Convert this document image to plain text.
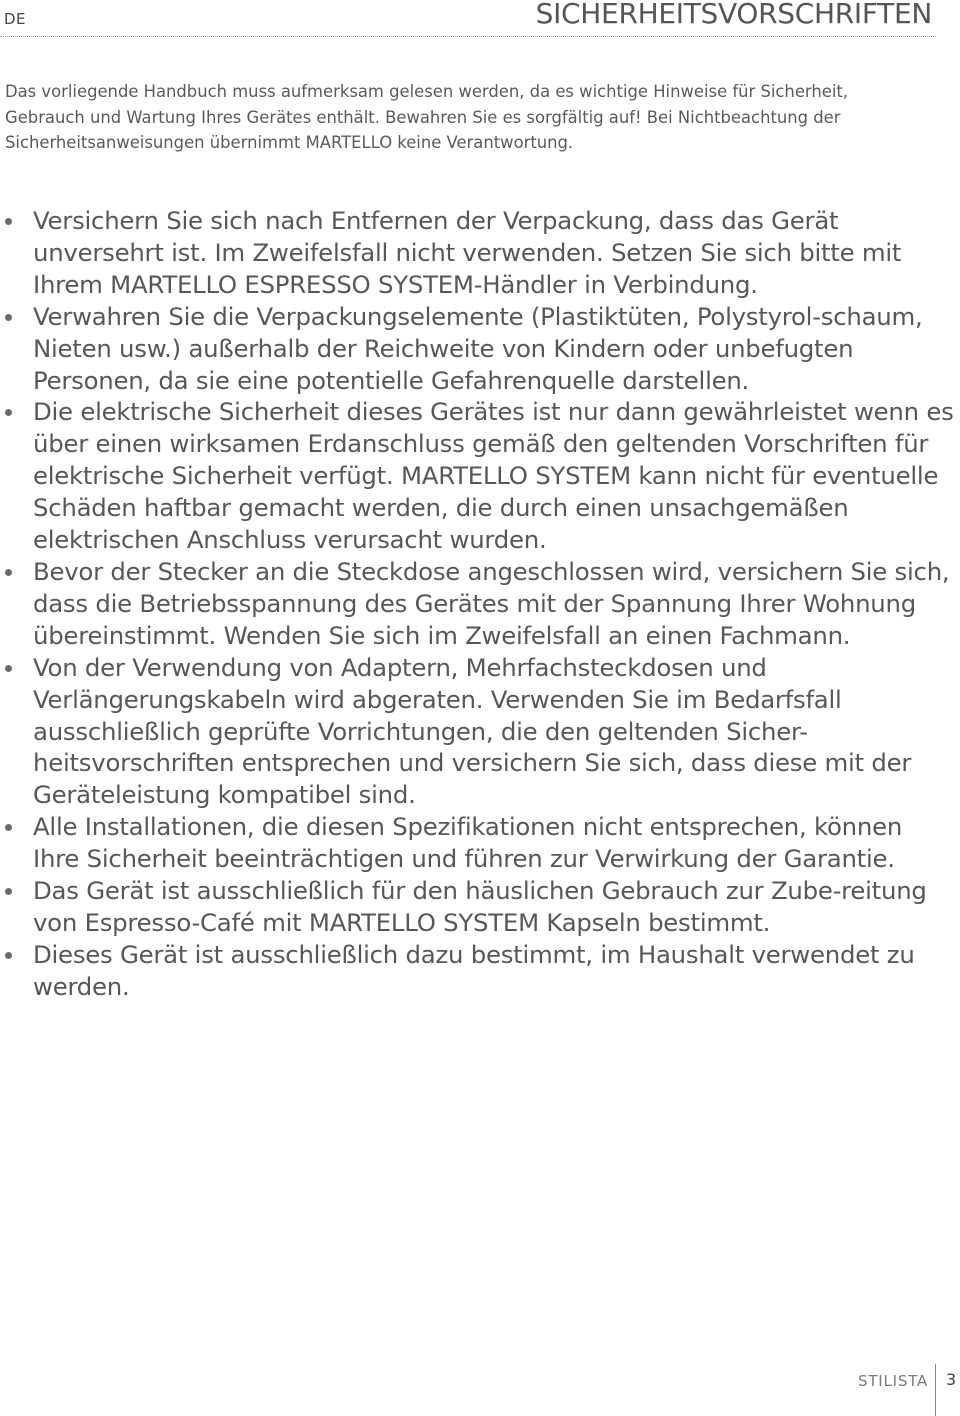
DE	SICHERHEITSVORSCHRIFTEN

Das vorliegende Handbuch muss aufmerksam gelesen werden, da es wichtige Hinweise für Sicherheit, Gebrauch und Wartung Ihres Gerätes enthält. Bewahren Sie es sorgfältig auf! Bei Nichtbeachtung der Sicherheitsanweisungen übernimmt MARTELLO keine Verantwortung.

Versichern Sie sich nach Entfernen der Verpackung, dass das Gerät unversehrt ist. Im Zweifelsfall nicht verwenden. Setzen Sie sich bitte mit Ihrem MARTELLO ESPRESSO SYSTEM-Händler in Verbindung.
Verwahren Sie die Verpackungselemente (Plastiktüten, Polystyrol-schaum, Nieten usw.) außerhalb der Reichweite von Kindern oder unbefugten Personen, da sie eine potentielle Gefahrenquelle darstellen.
Die elektrische Sicherheit dieses Gerätes ist nur dann gewährleistet wenn es über einen wirksamen Erdanschluss gemäß den geltenden Vorschriften für elektrische Sicherheit verfügt. MARTELLO SYSTEM kann nicht für eventuelle Schäden haftbar gemacht werden, die durch einen unsachgemäßen elektrischen Anschluss verursacht wurden.
Bevor der Stecker an die Steckdose angeschlossen wird, versichern Sie sich, dass die Betriebsspannung des Gerätes mit der Spannung Ihrer Wohnung übereinstimmt. Wenden Sie sich im Zweifelsfall an einen Fachmann.
Von der Verwendung von Adaptern, Mehrfachsteckdosen und Verlängerungskabeln wird abgeraten. Verwenden Sie im Bedarfsfall ausschließlich geprüfte Vorrichtungen, die den geltenden Sicher-heitsvorschriften entsprechen und versichern Sie sich, dass diese mit der Geräteleistung kompatibel sind.
Alle Installationen, die diesen Spezifikationen nicht entsprechen, können Ihre Sicherheit beeinträchtigen und führen zur Verwirkung der Garantie.
Das Gerät ist ausschließlich für den häuslichen Gebrauch zur Zube-reitung von Espresso-Café mit MARTELLO SYSTEM Kapseln bestimmt.
Dieses Gerät ist ausschließlich dazu bestimmt, im Haushalt verwendet zu werden.
STILISTA 3
